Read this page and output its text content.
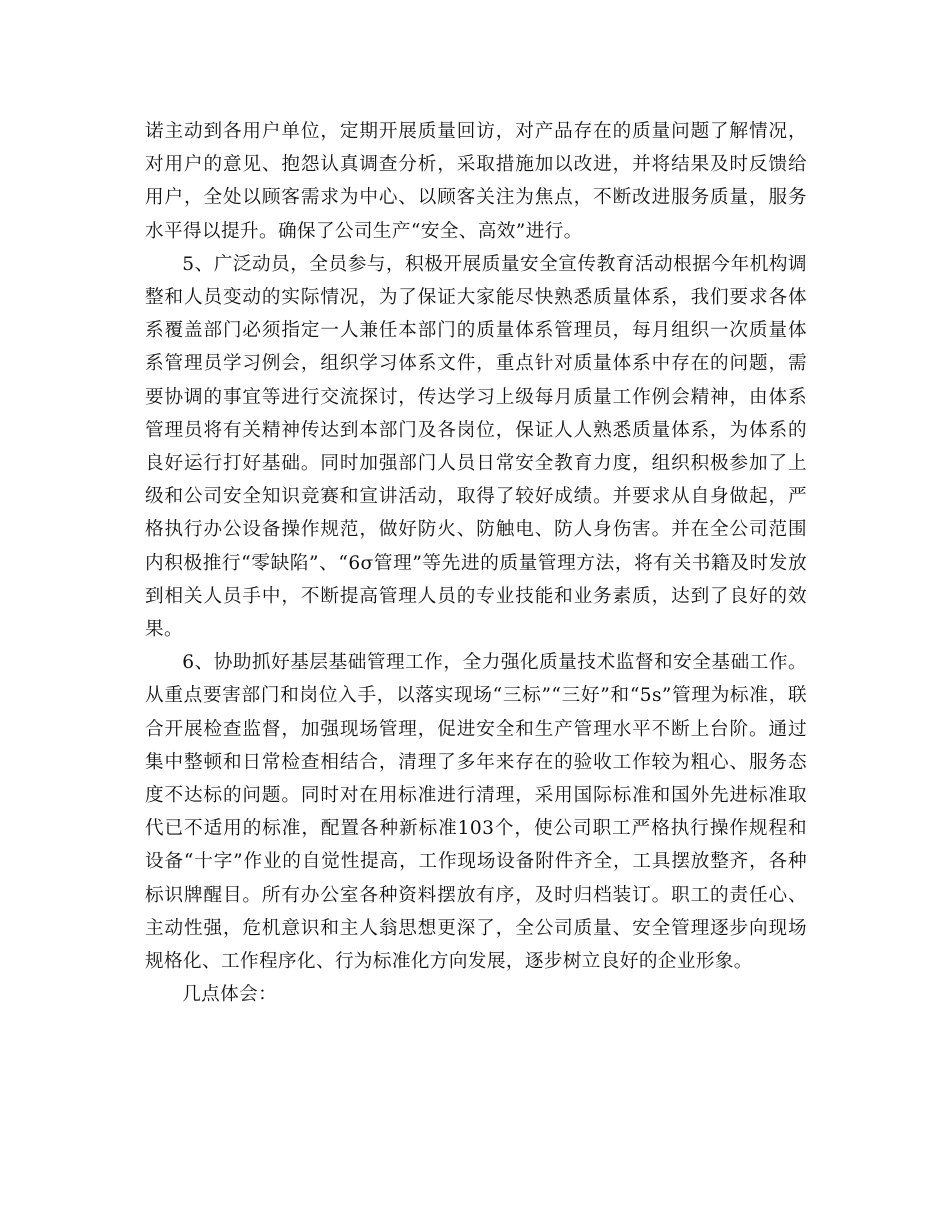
诺主动到各用户单位，定期开展质量回访，对产品存在的质量问题了解情况，对用户的意见、抱怨认真调查分析，采取措施加以改进，并将结果及时反馈给用户，全处以顾客需求为中心、以顾客关注为焦点，不断改进服务质量，服务水平得以提升。确保了公司生产“安全、高效”进行。

5、广泛动员，全员参与，积极开展质量安全宣传教育活动根据今年机构调整和人员变动的实际情况，为了保证大家能尽快熟悉质量体系，我们要求各体系覆盖部门必须指定一人兼任本部门的质量体系管理员，每月组织一次质量体系管理员学习例会，组织学习体系文件，重点针对质量体系中存在的问题，需要协调的事宜等进行交流探讨，传达学习上级每月质量工作例会精神，由体系管理员将有关精神传达到本部门及各岗位，保证人人熟悉质量体系，为体系的良好运行打好基础。同时加强部门人员日常安全教育力度，组织积极参加了上级和公司安全知识竞赛和宣讲活动，取得了较好成绩。并要求从自身做起，严格执行办公设备操作规范，做好防火、防触电、防人身伤害。并在全公司范围内积极推行“零缺陷”、“6σ管理”等先进的质量管理方法，将有关书籍及时发放到相关人员手中，不断提高管理人员的专业技能和业务素质，达到了良好的效果。

6、协助抓好基层基础管理工作，全力强化质量技术监督和安全基础工作。从重点要害部门和岗位入手，以落实现场“三标”“三好”和“5s”管理为标准，联合开展检查监督，加强现场管理，促进安全和生产管理水平不断上台阶。通过集中整顿和日常检查相结合，清理了多年来存在的验收工作较为粗心、服务态度不达标的问题。同时对在用标准进行清理，采用国际标准和国外先进标准取代已不适用的标准，配置各种新标准103个，使公司职工严格执行操作规程和设备“十字”作业的自觉性提高，工作现场设备附件齐全，工具摆放整齐，各种标识牌醒目。所有办公室各种资料摆放有序，及时归档装订。职工的责任心、主动性强，危机意识和主人翁思想更深了，全公司质量、安全管理逐步向现场规格化、工作程序化、行为标准化方向发展，逐步树立良好的企业形象。

几点体会：
